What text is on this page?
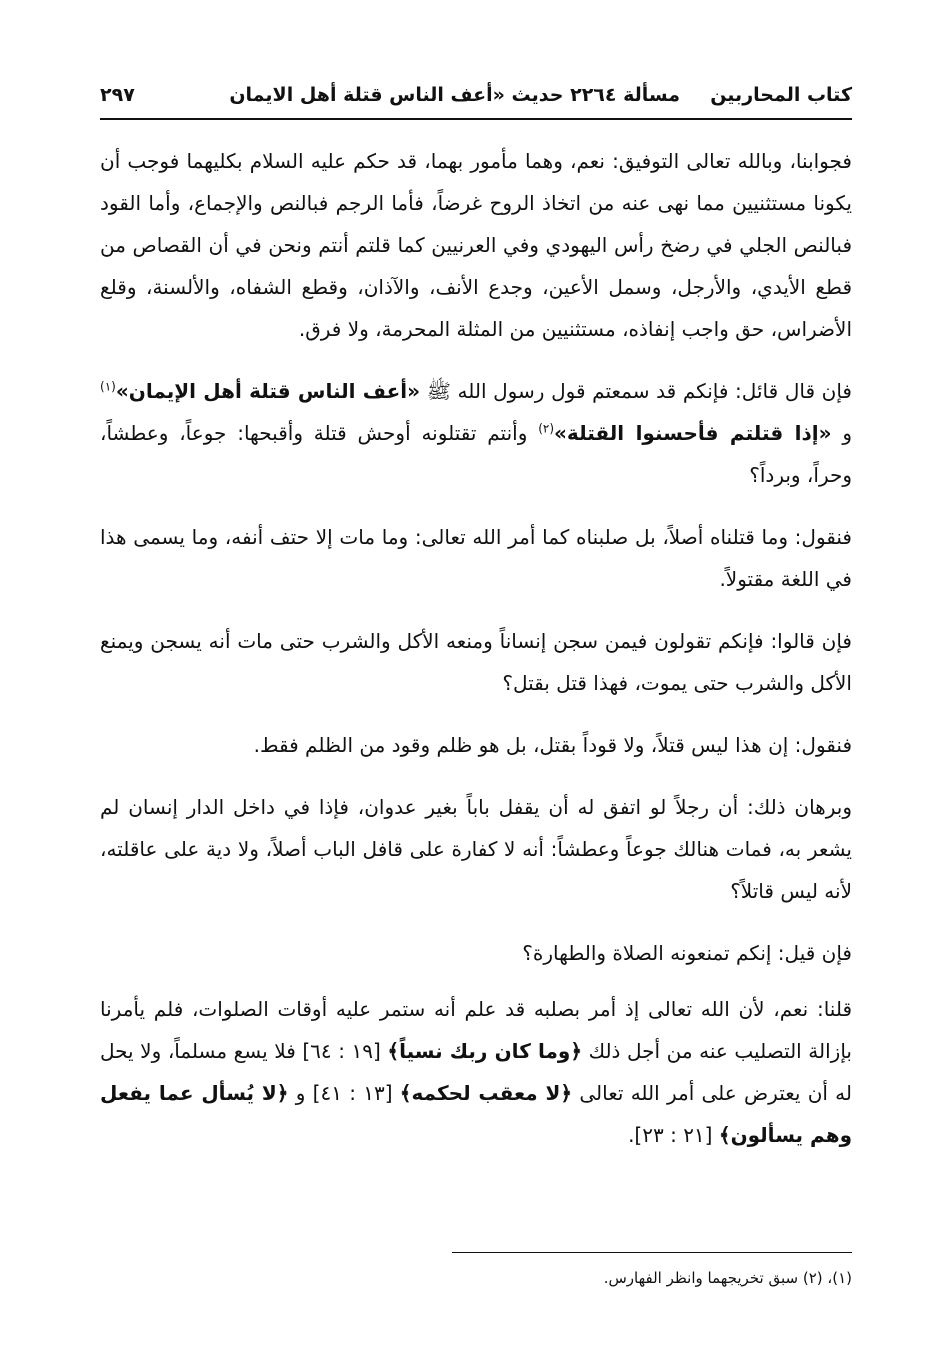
كتاب المحاربين
مسألة ٢٢٦٤ حديث «أعف الناس قتلة أهل الايمان
٢٩٧

فجوابنا، وبالله تعالى التوفيق: نعم، وهما مأمور بهما، قد حكم عليه السلام بكليهما فوجب أن يكونا مستثنيين مما نهى عنه من اتخاذ الروح غرضاً، فأما الرجم فبالنص والإجماع، وأما القود فبالنص الجلي في رضخ رأس اليهودي وفي العرنيين كما قلتم أنتم ونحن في أن القصاص من قطع الأيدي، والأرجل، وسمل الأعين، وجدع الأنف، والآذان، وقطع الشفاه، والألسنة، وقلع الأضراس، حق واجب إنفاذه، مستثنيين من المثلة المحرمة، ولا فرق.

فإن قال قائل: فإنكم قد سمعتم قول رسول الله ﷺ «أعف الناس قتلة أهل الإيمان»$^{(١)}$ و «إذا قتلتم فأحسنوا القتلة»$^{(٢)}$ وأنتم تقتلونه أوحش قتلة وأقبحها: جوعاً، وعطشاً، وحراً، وبرداً؟

فنقول: وما قتلناه أصلاً، بل صلبناه كما أمر الله تعالى: وما مات إلا حتف أنفه، وما يسمى هذا في اللغة مقتولاً.

فإن قالوا: فإنكم تقولون فيمن سجن إنساناً ومنعه الأكل والشرب حتى مات أنه يسجن ويمنع الأكل والشرب حتى يموت، فهذا قتل بقتل؟

فنقول: إن هذا ليس قتلاً، ولا قوداً بقتل، بل هو ظلم وقود من الظلم فقط.

وبرهان ذلك: أن رجلاً لو اتفق له أن يقفل باباً بغير عدوان، فإذا في داخل الدار إنسان لم يشعر به، فمات هنالك جوعاً وعطشاً: أنه لا كفارة على قافل الباب أصلاً، ولا دية على عاقلته، لأنه ليس قاتلاً؟

فإن قيل: إنكم تمنعونه الصلاة والطهارة؟

قلنا: نعم، لأن الله تعالى إذ أمر بصلبه قد علم أنه ستمر عليه أوقات الصلوات، فلم يأمرنا بإزالة التصليب عنه من أجل ذلك ﴿وما كان ربك نسياً﴾ [١٩ : ٦٤] فلا يسع مسلماً، ولا يحل له أن يعترض على أمر الله تعالى ﴿لا معقب لحكمه﴾ [١٣ : ٤١] و ﴿لا يُسأل عما يفعل وهم يسألون﴾ [٢١ : ٢٣].

(١)، (٢) سبق تخريجهما وانظر الفهارس.
